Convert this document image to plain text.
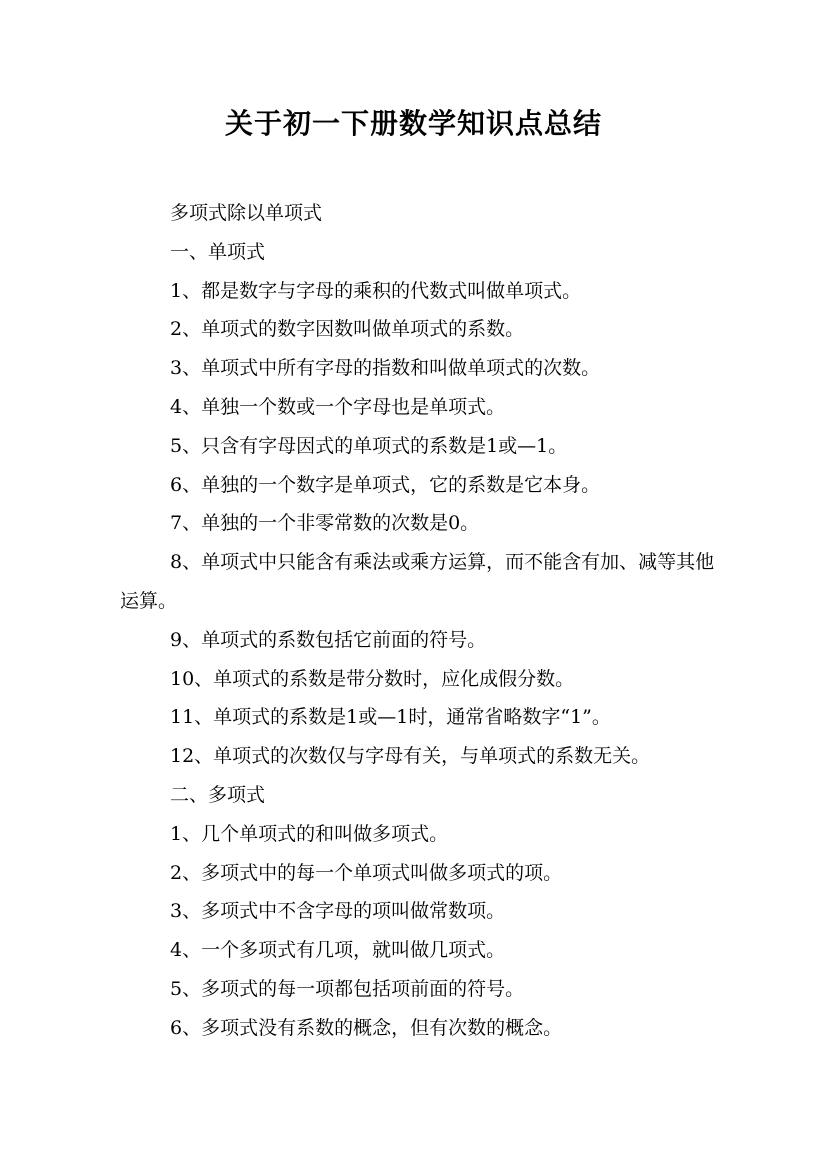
关于初一下册数学知识点总结

多项式除以单项式

一、单项式

1、都是数字与字母的乘积的代数式叫做单项式。

2、单项式的数字因数叫做单项式的系数。

3、单项式中所有字母的指数和叫做单项式的次数。

4、单独一个数或一个字母也是单项式。

5、只含有字母因式的单项式的系数是1或—1。

6、单独的一个数字是单项式，它的系数是它本身。

7、单独的一个非零常数的次数是0。

8、单项式中只能含有乘法或乘方运算，而不能含有加、减等其他运算。

9、单项式的系数包括它前面的符号。

10、单项式的系数是带分数时，应化成假分数。

11、单项式的系数是1或—1时，通常省略数字“1”。

12、单项式的次数仅与字母有关，与单项式的系数无关。

二、多项式

1、几个单项式的和叫做多项式。

2、多项式中的每一个单项式叫做多项式的项。

3、多项式中不含字母的项叫做常数项。

4、一个多项式有几项，就叫做几项式。

5、多项式的每一项都包括项前面的符号。

6、多项式没有系数的概念，但有次数的概念。
